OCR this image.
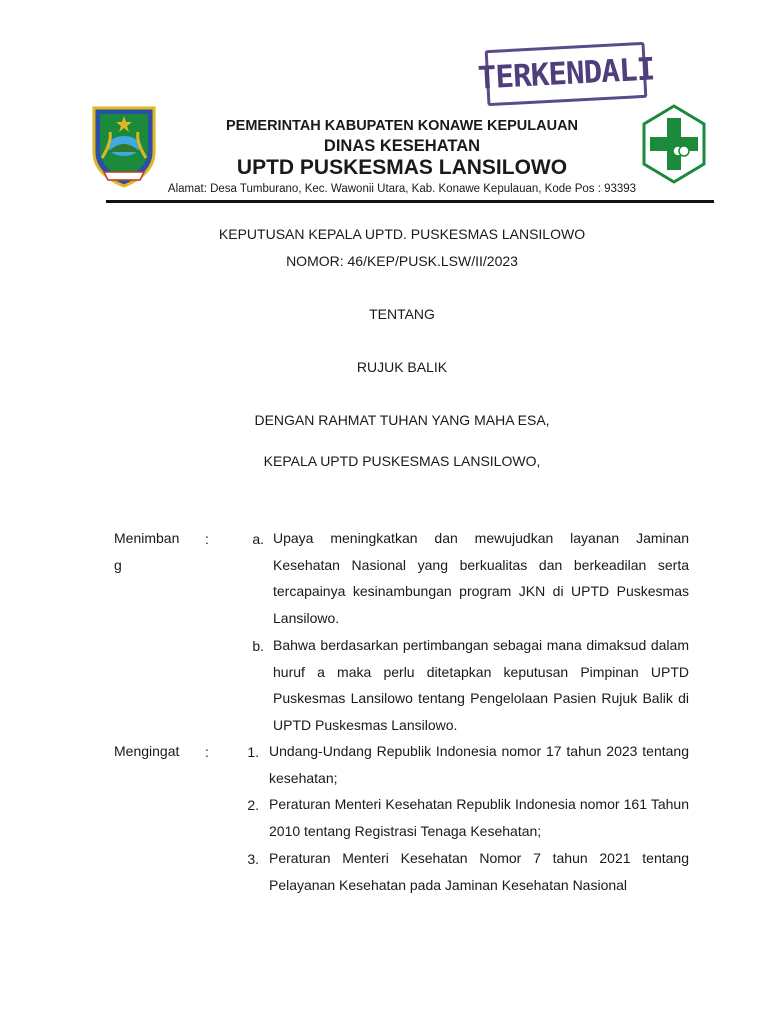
TERKENDALI
PEMERINTAH KABUPATEN KONAWE KEPULAUAN
DINAS KESEHATAN
UPTD PUSKESMAS LANSILOWO
Alamat: Desa Tumburano, Kec. Wawonii Utara, Kab. Konawe Kepulauan, Kode Pos : 93393
KEPUTUSAN KEPALA UPTD. PUSKESMAS LANSILOWO
NOMOR: 46/KEP/PUSK.LSW/II/2023
TENTANG
RUJUK BALIK
DENGAN RAHMAT TUHAN YANG MAHA ESA,
KEPALA UPTD PUSKESMAS LANSILOWO,
Menimban
g
:	a. Upaya meningkatkan dan mewujudkan layanan Jaminan Kesehatan Nasional yang berkualitas dan berkeadilan serta tercapainya kesinambungan program JKN di UPTD Puskesmas Lansilowo.
b. Bahwa berdasarkan pertimbangan sebagai mana dimaksud dalam huruf a maka perlu ditetapkan keputusan Pimpinan UPTD Puskesmas Lansilowo tentang Pengelolaan Pasien Rujuk Balik di UPTD Puskesmas Lansilowo.
Mengingat :	1. Undang-Undang Republik Indonesia nomor 17 tahun 2023 tentang kesehatan;
2. Peraturan Menteri Kesehatan Republik Indonesia nomor 161 Tahun 2010 tentang Registrasi Tenaga Kesehatan;
3. Peraturan Menteri Kesehatan Nomor 7 tahun 2021 tentang Pelayanan Kesehatan pada Jaminan Kesehatan Nasional
